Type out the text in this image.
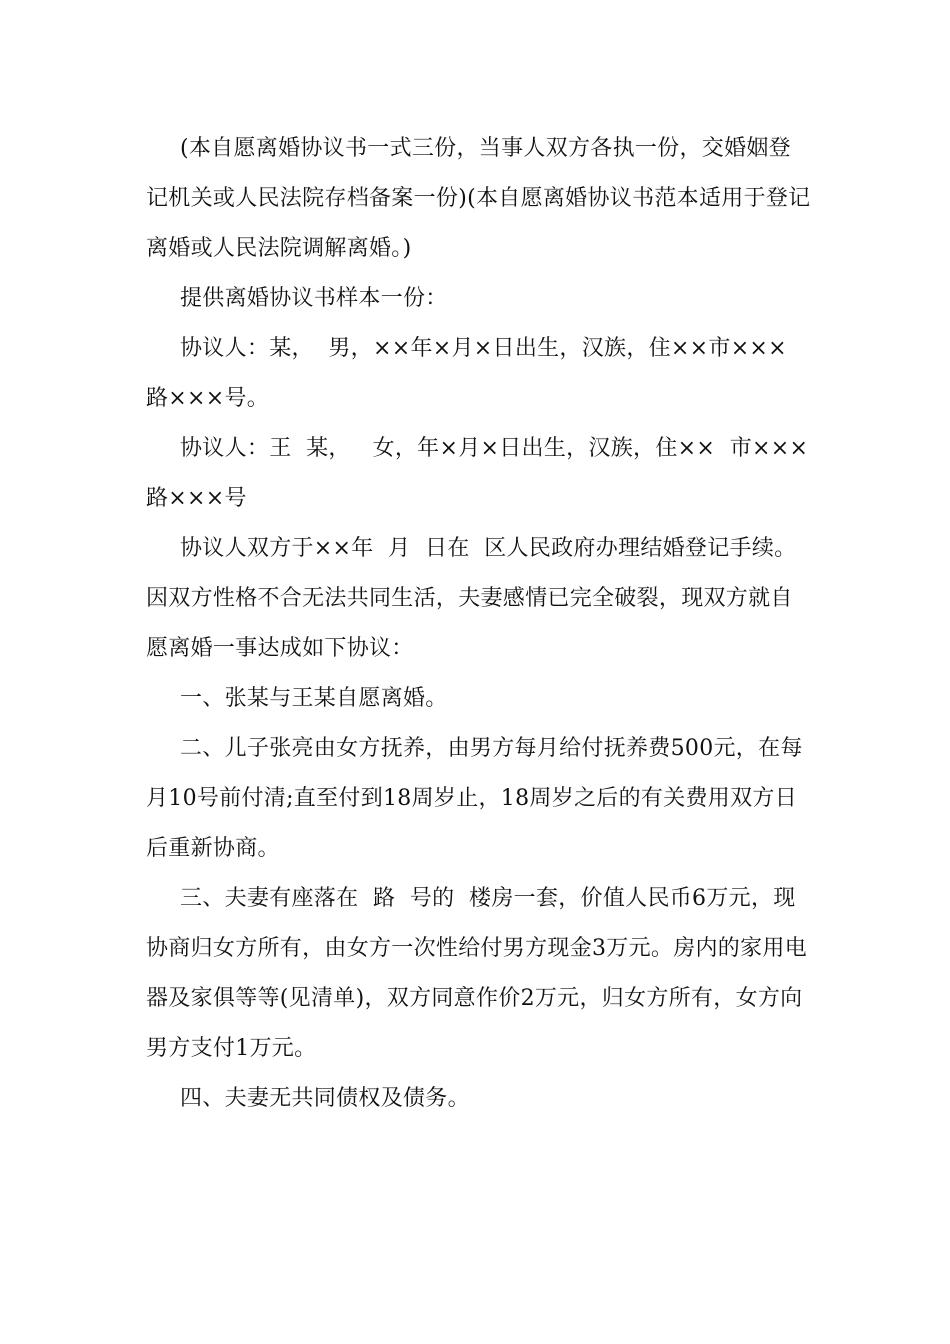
(本自愿离婚协议书一式三份，当事人双方各执一份，交婚姻登记机关或人民法院存档备案一份)(本自愿离婚协议书范本适用于登记离婚或人民法院调解离婚。)

提供离婚协议书样本一份：

协议人：某，  男，××年×月×日出生，汉族，住××市×××  路×××号。

协议人：王  某，   女，年×月×日出生，汉族，住××  市×××路×××号

协议人双方于××年  月  日在  区人民政府办理结婚登记手续。因双方性格不合无法共同生活，夫妻感情已完全破裂，现双方就自愿离婚一事达成如下协议：

一、张某与王某自愿离婚。

二、儿子张亮由女方抚养，由男方每月给付抚养费500元，在每月10号前付清;直至付到18周岁止，18周岁之后的有关费用双方日后重新协商。

三、夫妻有座落在  路  号的  楼房一套，价值人民币6万元，现协商归女方所有，由女方一次性给付男方现金3万元。房内的家用电器及家俱等等(见清单)，双方同意作价2万元，归女方所有，女方向男方支付1万元。

四、夫妻无共同债权及债务。
